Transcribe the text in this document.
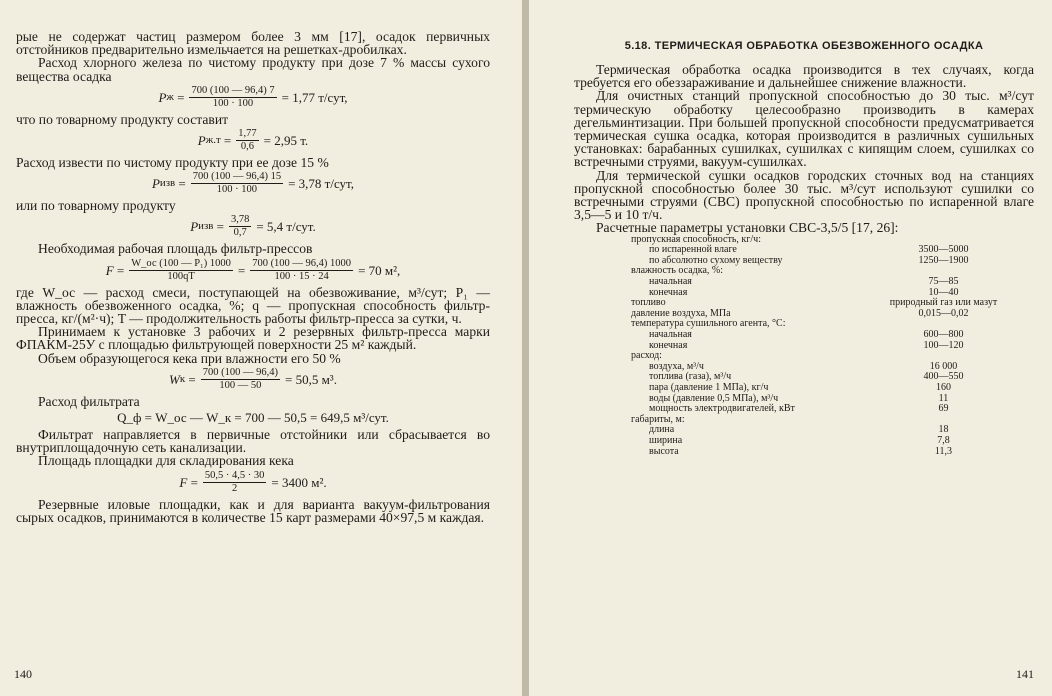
рые не содержат частиц размером более 3 мм [17], осадок первичных отстойников предварительно измельчается на решетках-дробилках.

Расход хлорного железа по чистому продукту при дозе 7 % массы сухого вещества осадка

P $ж = \frac{700 (100 — 96,4) 7}{100 \cdot 100} = 1,77$ т/сут,

что по товарному продукту составит

P $ж.т = \frac{1,77}{0,6} = 2,95$ т.

Расход извести по чистому продукту при ее дозе 15 %

P изв = $\frac{700 (100 — 96,4) 15}{100 \cdot 100} = 3,78$ т/сут,

или по товарному продукту

P изв = $\frac{3,78}{0,7} = 5,4$ т/сут.

Необходимая рабочая площадь фильтр-прессов

$F = \frac{\text{W\_ос (100 — P₁) 1000}}{100qT} = \frac{700 (100 — 96,4) 1000}{100 \cdot 15 \cdot 24} = 70$ м²,

где W_ос — расход смеси, поступающей на обезвоживание, м³/сут; P₁ — влажность обезвоженного осадка, %; q — пропускная способность фильтр-пресса, кг/(м²·ч); T — продолжительность работы фильтр-пресса за сутки, ч.

Принимаем к установке 3 рабочих и 2 резервных фильтр-пресса марки ФПАКМ-25У с площадью фильтрующей поверхности 25 м² каждый.

Объем образующегося кека при влажности его 50 %

W $к = \frac{700 (100 — 96,4)}{100 — 50} = 50,5$ м³.

Расход фильтрата

Q_ф = W_ос — W_к = 700 — 50,5 = 649,5 м³/сут.

Фильтрат направляется в первичные отстойники или сбрасывается во внутриплощадочную сеть канализации.

Площадь площадки для складирования кека

$F = \frac{50,5 \cdot 4,5 \cdot 30}{2} = 3400$ м².

Резервные иловые площадки, как и для варианта вакуум-фильтрования сырых осадков, принимаются в количестве 15 карт размерами 40×97,5 м каждая.

140
5.18. ТЕРМИЧЕСКАЯ ОБРАБОТКА ОБЕЗВОЖЕННОГО ОСАДКА

Термическая обработка осадка производится в тех случаях, когда требуется его обеззараживание и дальнейшее снижение влажности.

Для очистных станций пропускной способностью до 30 тыс. м³/сут термическую обработку целесообразно производить в камерах дегельминтизации. При большей пропускной способности предусматривается термическая сушка осадка, которая производится в различных сушильных установках: барабанных сушилках, сушилках с кипящим слоем, сушилках со встречными струями, вакуум-сушилках.

Для термической сушки осадков городских сточных вод на станциях пропускной способностью более 30 тыс. м³/сут используют сушилки со встречными струями (СВС) пропускной способностью по испаренной влаге 3,5—5 и 10 т/ч.

Расчетные параметры установки СВС-3,5/5 [17, 26]:

пропускная способность, кг/ч:	
по испаренной влаге	3500—5000
по абсолютно сухому веществу	1250—1900
влажность осадка, %:	
начальная	75—85
конечная	10—40
топливо	природный газ или мазут
давление воздуха, МПа	0,015—0,02
температура сушильного агента, °С:	
начальная	600—800
конечная	100—120
расход:	
воздуха, м³/ч	16 000
топлива (газа), м³/ч	400—550
пара (давление 1 МПа), кг/ч	160
воды (давление 0,5 МПа), м³/ч	11
мощность электродвигателей, кВт	69
габариты, м:	
длина	18
ширина	7,8
высота	11,3
141
